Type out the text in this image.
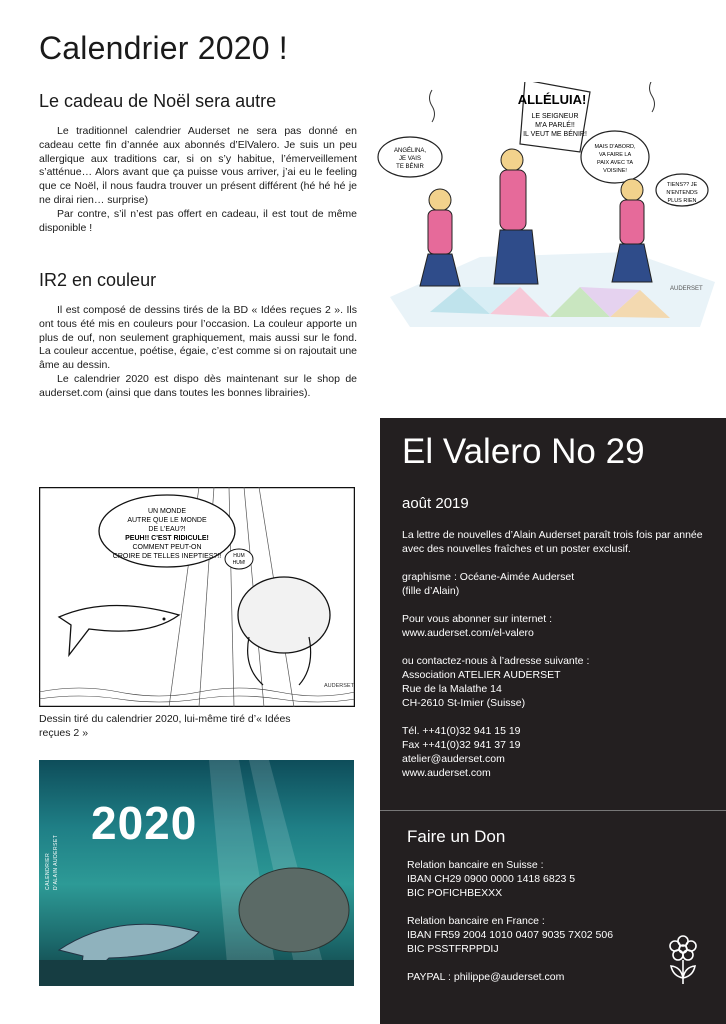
Calendrier 2020 !
Le cadeau de Noël sera autre

Le traditionnel calendrier Auderset ne sera pas donné en cadeau cette fin d’année aux abonnés d’ElValero. Je suis un peu allergique aux traditions car, si on s’y habitue, l’émerveillement s’atténue… Alors avant que ça puisse vous arriver, j’ai eu le feeling que ce Noël, il nous faudra trouver un présent différent (hé hé hé je ne dirai rien… surprise)

Par contre, s’il n’est pas offert en cadeau, il est tout de même disponible !

IR2 en couleur

Il est composé de dessins tirés de la BD « Idées reçues 2 ». Ils ont tous été mis en couleurs pour l’occasion. La couleur apporte un plus de ouf, non seulement graphiquement, mais aussi sur le fond. La couleur accentue, poétise, égaie, c’est comme si on rajoutait une âme au dessin.

Le calendrier 2020 est dispo dès maintenant sur le shop de auderset.com (ainsi que dans toutes les bonnes librairies).

ANGÉLINA,
JE VAIS
TE BÉNIR
ALLÉLUIA!
LE SEIGNEUR
M'A PARLÉ!!
IL VEUT ME BÉNIR!
MAIS D'ABORD,
VA FAIRE LA
PAIX AVEC TA
VOISINE!
TIENS?? JE
N'ENTENDS
PLUS RIEN
AUDERSET
UN MONDE
AUTRE QUE LE MONDE
DE L'EAU?!
PEUH!! C'EST RIDICULE!
COMMENT PEUT-ON
CROIRE DE TELLES INEPTIES?!! HUM
HUM!
AUDERSET
Dessin tiré du calendrier 2020, lui-même tiré d’« Idées reçues 2 »
CALENDRIER D'ALAIN AUDERSET
2020
El Valero No 29
août 2019

La lettre de nouvelles d’Alain Auderset paraît trois fois par année avec des nouvelles fraîches et un poster exclusif.

graphisme : Océane-Aimée Auderset
(fille d’Alain)

Pour vous abonner sur internet :
www.auderset.com/el-valero

ou contactez-nous à l’adresse suivante :
Association ATELIER AUDERSET
Rue de la Malathe 14
CH-2610 St-Imier (Suisse)

Tél. ++41(0)32 941 15 19
Fax ++41(0)32 941 37 19
atelier@auderset.com
www.auderset.com

Faire un Don

Relation bancaire en Suisse :
IBAN CH29 0900 0000 1418 6823 5
BIC POFICHBEXXX

Relation bancaire en France :
IBAN FR59 2004 1010 0407 9035 7X02 506
BIC PSSTFRPPDIJ

PAYPAL : philippe@auderset.com
